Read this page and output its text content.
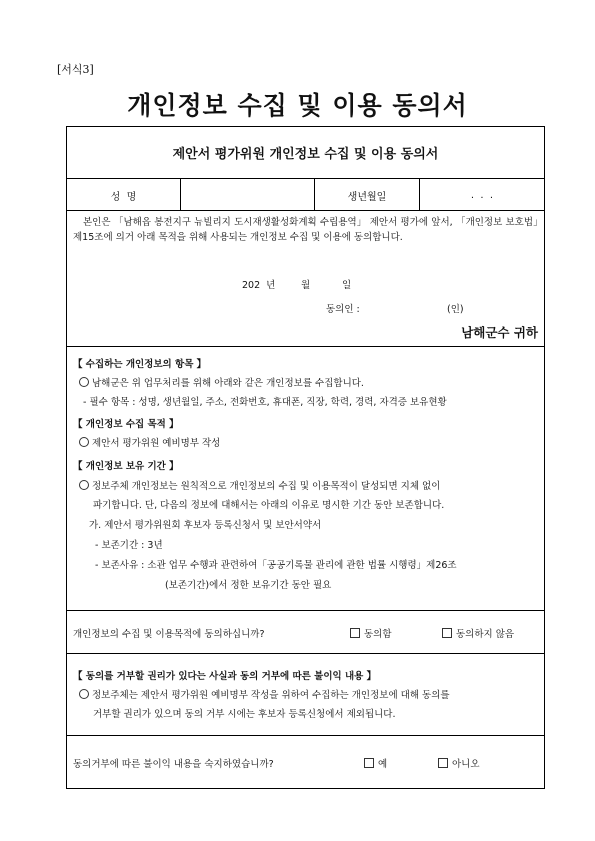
[서식3]
개인정보 수집 및 이용 동의서
제안서 평가위원 개인정보 수집 및 이용 동의서
성  명	생년월일	.  .  .
본인은 「남해읍 봉전지구 뉴빌리지 도시재생활성화계획 수립용역」 제안서 평가에 앞서, 「개인정보 보호법」제15조에 의거 아래 목적을 위해 사용되는 개인정보 수집 및 이용에 동의합니다.
202  년	월	일
동의인 :	(인)
남해군수 귀하
【 수집하는 개인정보의 항목 】
남해군은 위 업무처리를 위해 아래와 같은 개인정보를 수집합니다.
- 필수 항목 : 성명, 생년월일, 주소, 전화번호, 휴대폰, 직장, 학력, 경력, 자격증 보유현황
【 개인정보 수집 목적 】
제안서 평가위원 예비명부 작성
【 개인정보 보유 기간 】
정보주체 개인정보는 원칙적으로 개인정보의 수집 및 이용목적이 달성되면 지체 없이
파기합니다. 단, 다음의 정보에 대해서는 아래의 이유로 명시한 기간 동안 보존합니다.
가. 제안서 평가위원회 후보자 등록신청서 및 보안서약서
- 보존기간 : 3년
- 보존사유 : 소관 업무 수행과 관련하여「공공기록물 관리에 관한 법률 시행령」제26조
(보존기간)에서 정한 보유기간 동안 필요
개인정보의 수집 및 이용목적에 동의하십니까?	동의함	동의하지 않음
【 동의를 거부할 권리가 있다는 사실과 동의 거부에 따른 불이익 내용 】
정보주체는 제안서 평가위원 예비명부 작성을 위하여 수집하는 개인정보에 대해 동의를
거부할 권리가 있으며 동의 거부 시에는 후보자 등록신청에서 제외됩니다.
동의거부에 따른 불이익 내용을 숙지하였습니까?	예	아니오
